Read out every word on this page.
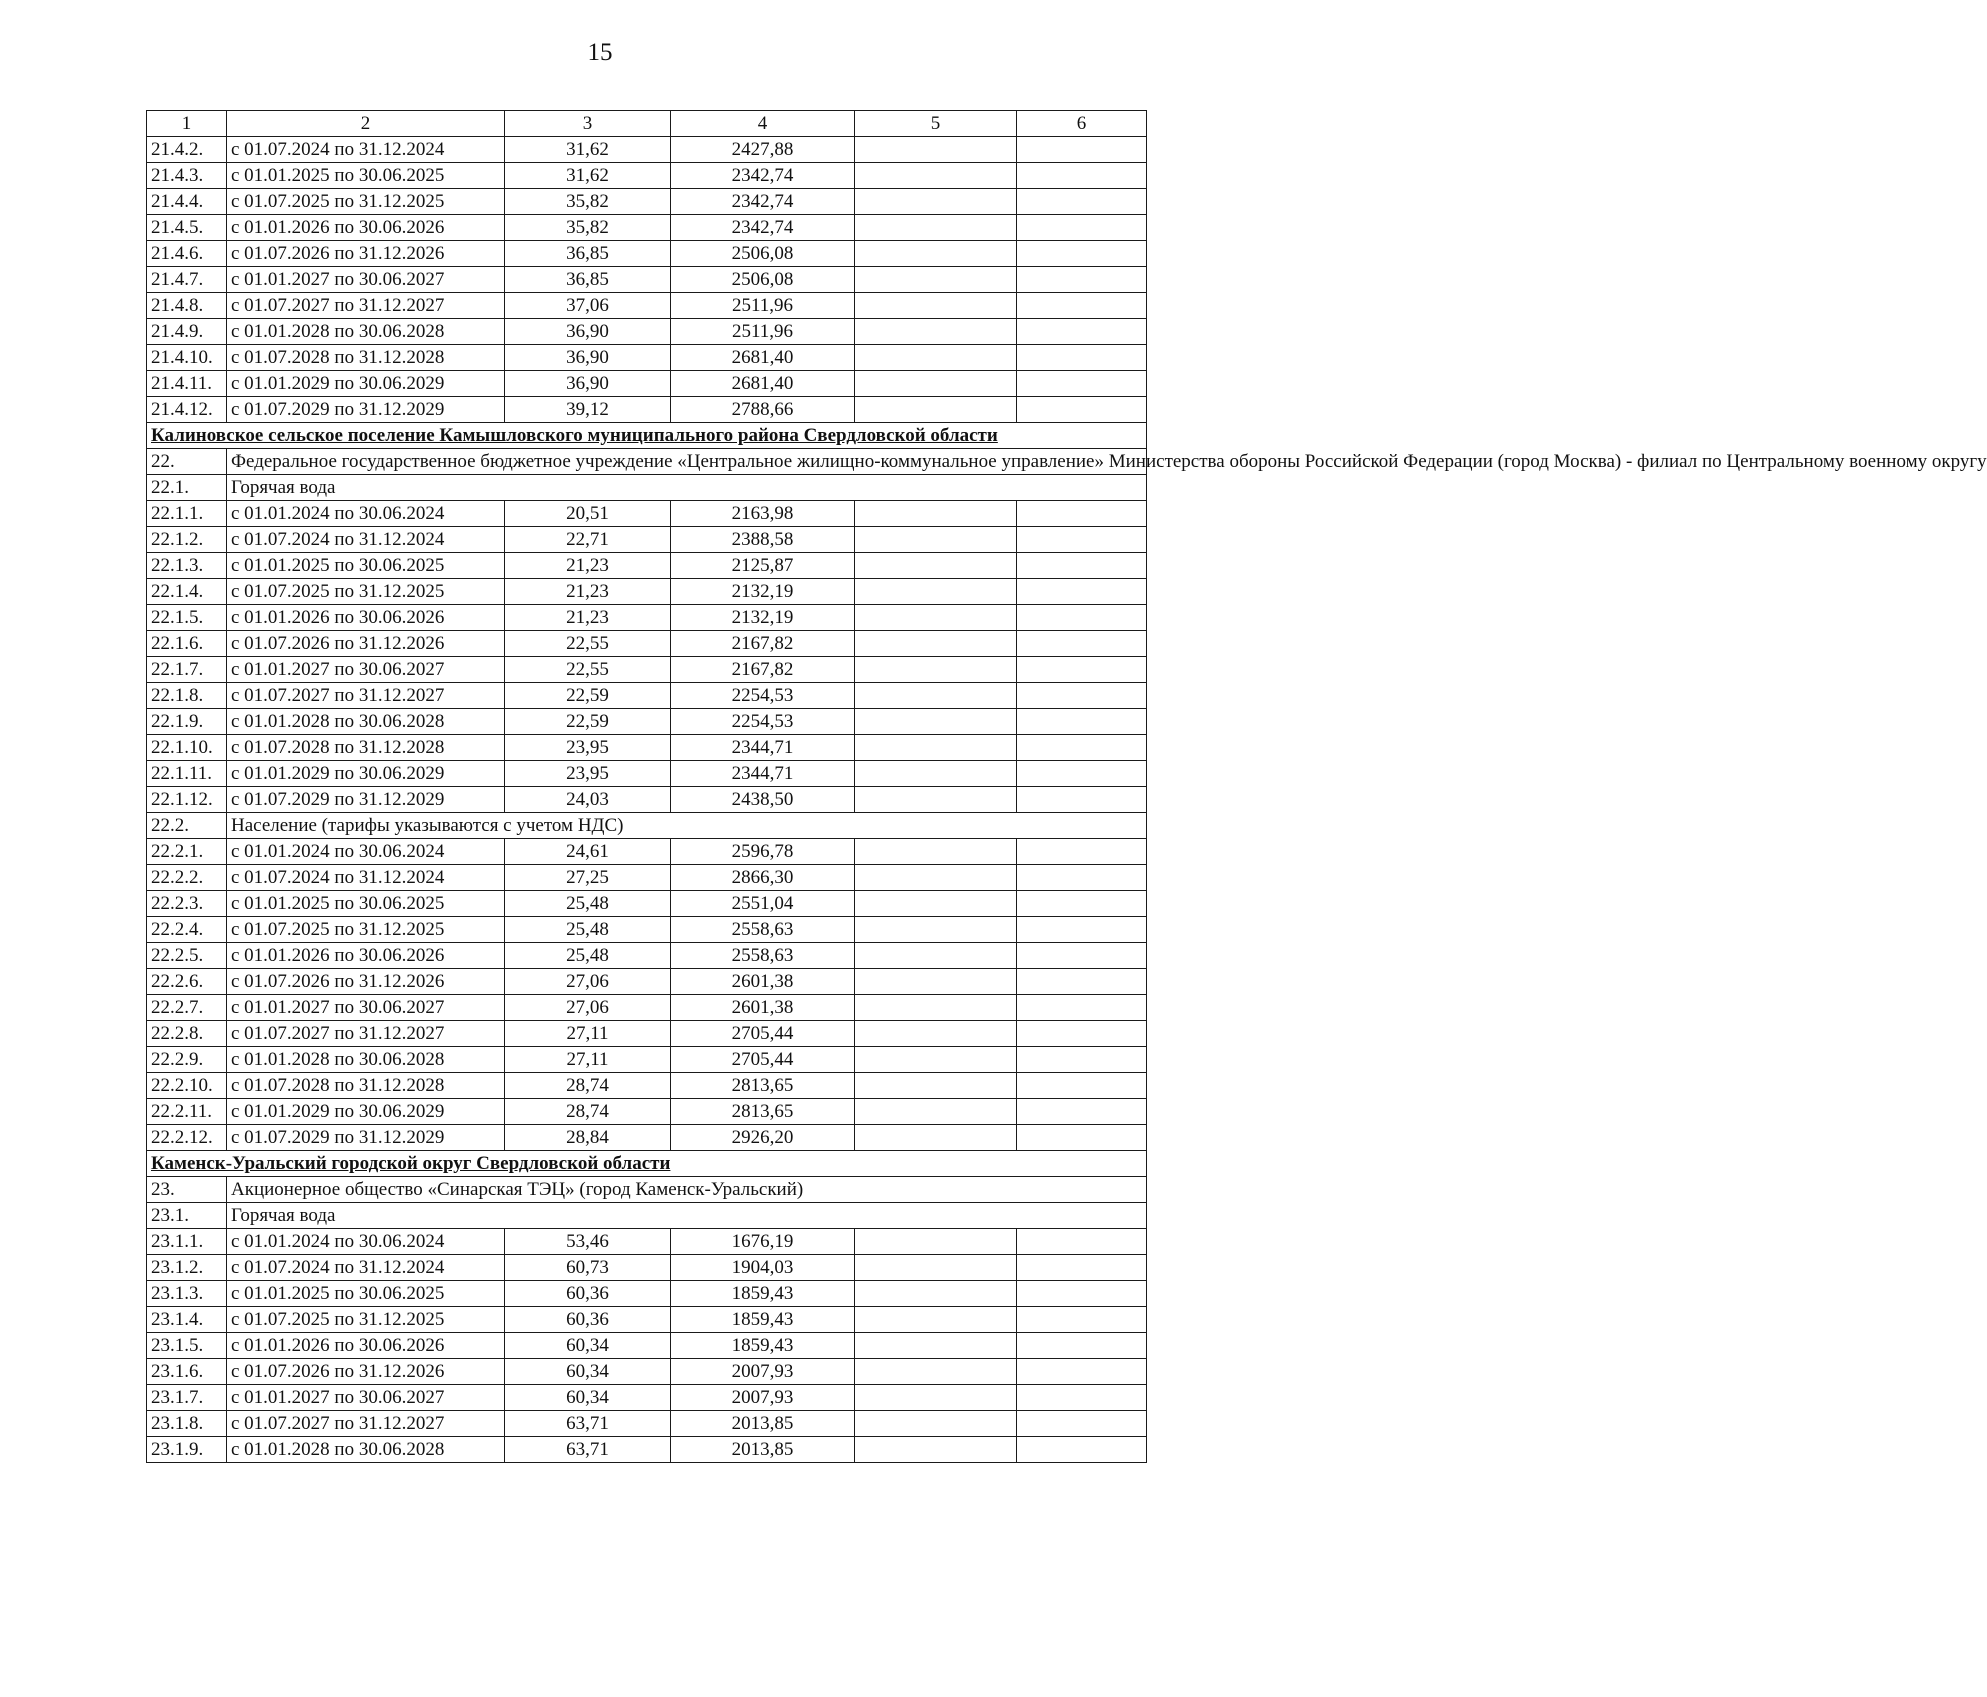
15
1	2	3	4	5	6
21.4.2.	с 01.07.2024 по 31.12.2024	31,62	2427,88		
21.4.3.	с 01.01.2025 по 30.06.2025	31,62	2342,74		
21.4.4.	с 01.07.2025 по 31.12.2025	35,82	2342,74		
21.4.5.	с 01.01.2026 по 30.06.2026	35,82	2342,74		
21.4.6.	с 01.07.2026 по 31.12.2026	36,85	2506,08		
21.4.7.	с 01.01.2027 по 30.06.2027	36,85	2506,08		
21.4.8.	с 01.07.2027 по 31.12.2027	37,06	2511,96		
21.4.9.	с 01.01.2028 по 30.06.2028	36,90	2511,96		
21.4.10.	с 01.07.2028 по 31.12.2028	36,90	2681,40		
21.4.11.	с 01.01.2029 по 30.06.2029	36,90	2681,40		
21.4.12.	с 01.07.2029 по 31.12.2029	39,12	2788,66		
Калиновское сельское поселение Камышловского муниципального района Свердловской области					
22.	Федеральное государственное бюджетное учреждение «Центральное жилищно-коммунальное управление» Министерства обороны Российской Федерации (город Москва) - филиал по Центральному военному округу				
22.1.	Горячая вода				
22.1.1.	с 01.01.2024 по 30.06.2024	20,51	2163,98		
22.1.2.	с 01.07.2024 по 31.12.2024	22,71	2388,58		
22.1.3.	с 01.01.2025 по 30.06.2025	21,23	2125,87		
22.1.4.	с 01.07.2025 по 31.12.2025	21,23	2132,19		
22.1.5.	с 01.01.2026 по 30.06.2026	21,23	2132,19		
22.1.6.	с 01.07.2026 по 31.12.2026	22,55	2167,82		
22.1.7.	с 01.01.2027 по 30.06.2027	22,55	2167,82		
22.1.8.	с 01.07.2027 по 31.12.2027	22,59	2254,53		
22.1.9.	с 01.01.2028 по 30.06.2028	22,59	2254,53		
22.1.10.	с 01.07.2028 по 31.12.2028	23,95	2344,71		
22.1.11.	с 01.01.2029 по 30.06.2029	23,95	2344,71		
22.1.12.	с 01.07.2029 по 31.12.2029	24,03	2438,50		
22.2.	Население (тарифы указываются с учетом НДС)				
22.2.1.	с 01.01.2024 по 30.06.2024	24,61	2596,78		
22.2.2.	с 01.07.2024 по 31.12.2024	27,25	2866,30		
22.2.3.	с 01.01.2025 по 30.06.2025	25,48	2551,04		
22.2.4.	с 01.07.2025 по 31.12.2025	25,48	2558,63		
22.2.5.	с 01.01.2026 по 30.06.2026	25,48	2558,63		
22.2.6.	с 01.07.2026 по 31.12.2026	27,06	2601,38		
22.2.7.	с 01.01.2027 по 30.06.2027	27,06	2601,38		
22.2.8.	с 01.07.2027 по 31.12.2027	27,11	2705,44		
22.2.9.	с 01.01.2028 по 30.06.2028	27,11	2705,44		
22.2.10.	с 01.07.2028 по 31.12.2028	28,74	2813,65		
22.2.11.	с 01.01.2029 по 30.06.2029	28,74	2813,65		
22.2.12.	с 01.07.2029 по 31.12.2029	28,84	2926,20		
Каменск-Уральский городской округ Свердловской области					
23.	Акционерное общество «Синарская ТЭЦ» (город Каменск-Уральский)				
23.1.	Горячая вода				
23.1.1.	с 01.01.2024 по 30.06.2024	53,46	1676,19		
23.1.2.	с 01.07.2024 по 31.12.2024	60,73	1904,03		
23.1.3.	с 01.01.2025 по 30.06.2025	60,36	1859,43		
23.1.4.	с 01.07.2025 по 31.12.2025	60,36	1859,43		
23.1.5.	с 01.01.2026 по 30.06.2026	60,34	1859,43		
23.1.6.	с 01.07.2026 по 31.12.2026	60,34	2007,93		
23.1.7.	с 01.01.2027 по 30.06.2027	60,34	2007,93		
23.1.8.	с 01.07.2027 по 31.12.2027	63,71	2013,85		
23.1.9.	с 01.01.2028 по 30.06.2028	63,71	2013,85		
